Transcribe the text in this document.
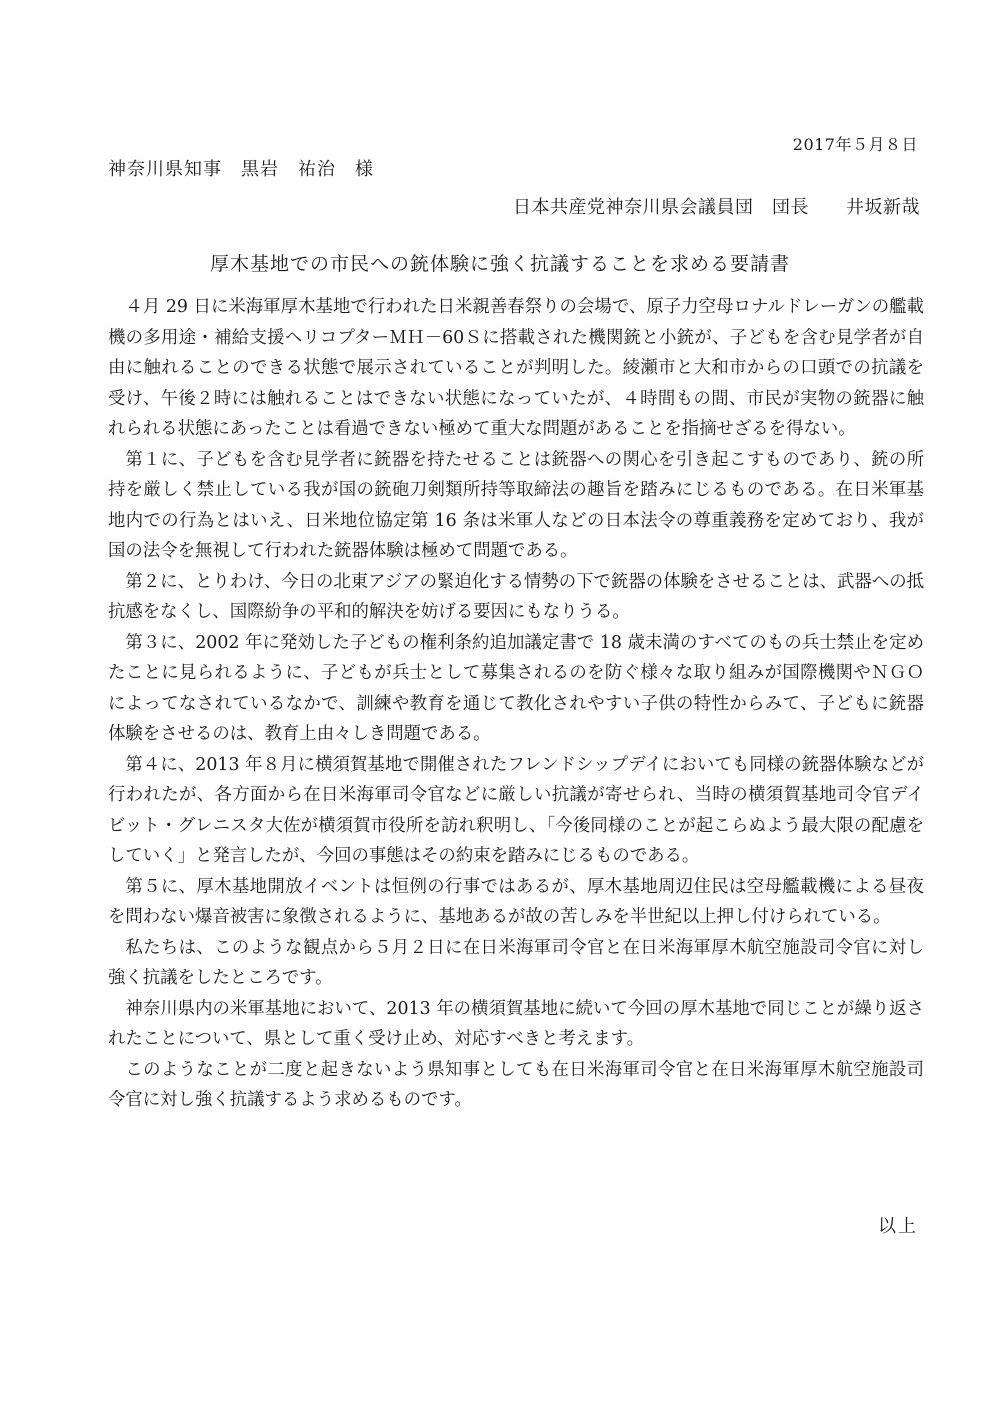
2017年５月８日
神奈川県知事　黒岩　祐治　様
日本共産党神奈川県会議員団　団長　　井坂新哉
厚木基地での市民への銃体験に強く抗議することを求める要請書

４月 29 日に米海軍厚木基地で行われた日米親善春祭りの会場で、原子力空母ロナルドレーガンの艦載機の多用途・補給支援ヘリコプターＭＨ－60Ｓに搭載された機関銃と小銃が、子どもを含む見学者が自由に触れることのできる状態で展示されていることが判明した。綾瀬市と大和市からの口頭での抗議を受け、午後２時には触れることはできない状態になっていたが、４時間もの間、市民が実物の銃器に触れられる状態にあったことは看過できない極めて重大な問題があることを指摘せざるを得ない。

第１に、子どもを含む見学者に銃器を持たせることは銃器への関心を引き起こすものであり、銃の所持を厳しく禁止している我が国の銃砲刀剣類所持等取締法の趣旨を踏みにじるものである。在日米軍基地内での行為とはいえ、日米地位協定第 16 条は米軍人などの日本法令の尊重義務を定めており、我が国の法令を無視して行われた銃器体験は極めて問題である。

第２に、とりわけ、今日の北東アジアの緊迫化する情勢の下で銃器の体験をさせることは、武器への抵抗感をなくし、国際紛争の平和的解決を妨げる要因にもなりうる。

第３に、2002 年に発効した子どもの権利条約追加議定書で 18 歳未満のすべてのもの兵士禁止を定めたことに見られるように、子どもが兵士として募集されるのを防ぐ様々な取り組みが国際機関やＮＧＯによってなされているなかで、訓練や教育を通じて教化されやすい子供の特性からみて、子どもに銃器体験をさせるのは、教育上由々しき問題である。

第４に、2013 年８月に横須賀基地で開催されたフレンドシップデイにおいても同様の銃器体験などが行われたが、各方面から在日米海軍司令官などに厳しい抗議が寄せられ、当時の横須賀基地司令官デイビット・グレニスタ大佐が横須賀市役所を訪れ釈明し、「今後同様のことが起こらぬよう最大限の配慮をしていく」と発言したが、今回の事態はその約束を踏みにじるものである。

第５に、厚木基地開放イベントは恒例の行事ではあるが、厚木基地周辺住民は空母艦載機による昼夜を問わない爆音被害に象徴されるように、基地あるが故の苦しみを半世紀以上押し付けられている。

私たちは、このような観点から５月２日に在日米海軍司令官と在日米海軍厚木航空施設司令官に対し強く抗議をしたところです。

神奈川県内の米軍基地において、2013 年の横須賀基地に続いて今回の厚木基地で同じことが繰り返されたことについて、県として重く受け止め、対応すべきと考えます。

このようなことが二度と起きないよう県知事としても在日米海軍司令官と在日米海軍厚木航空施設司令官に対し強く抗議するよう求めるものです。

以上
